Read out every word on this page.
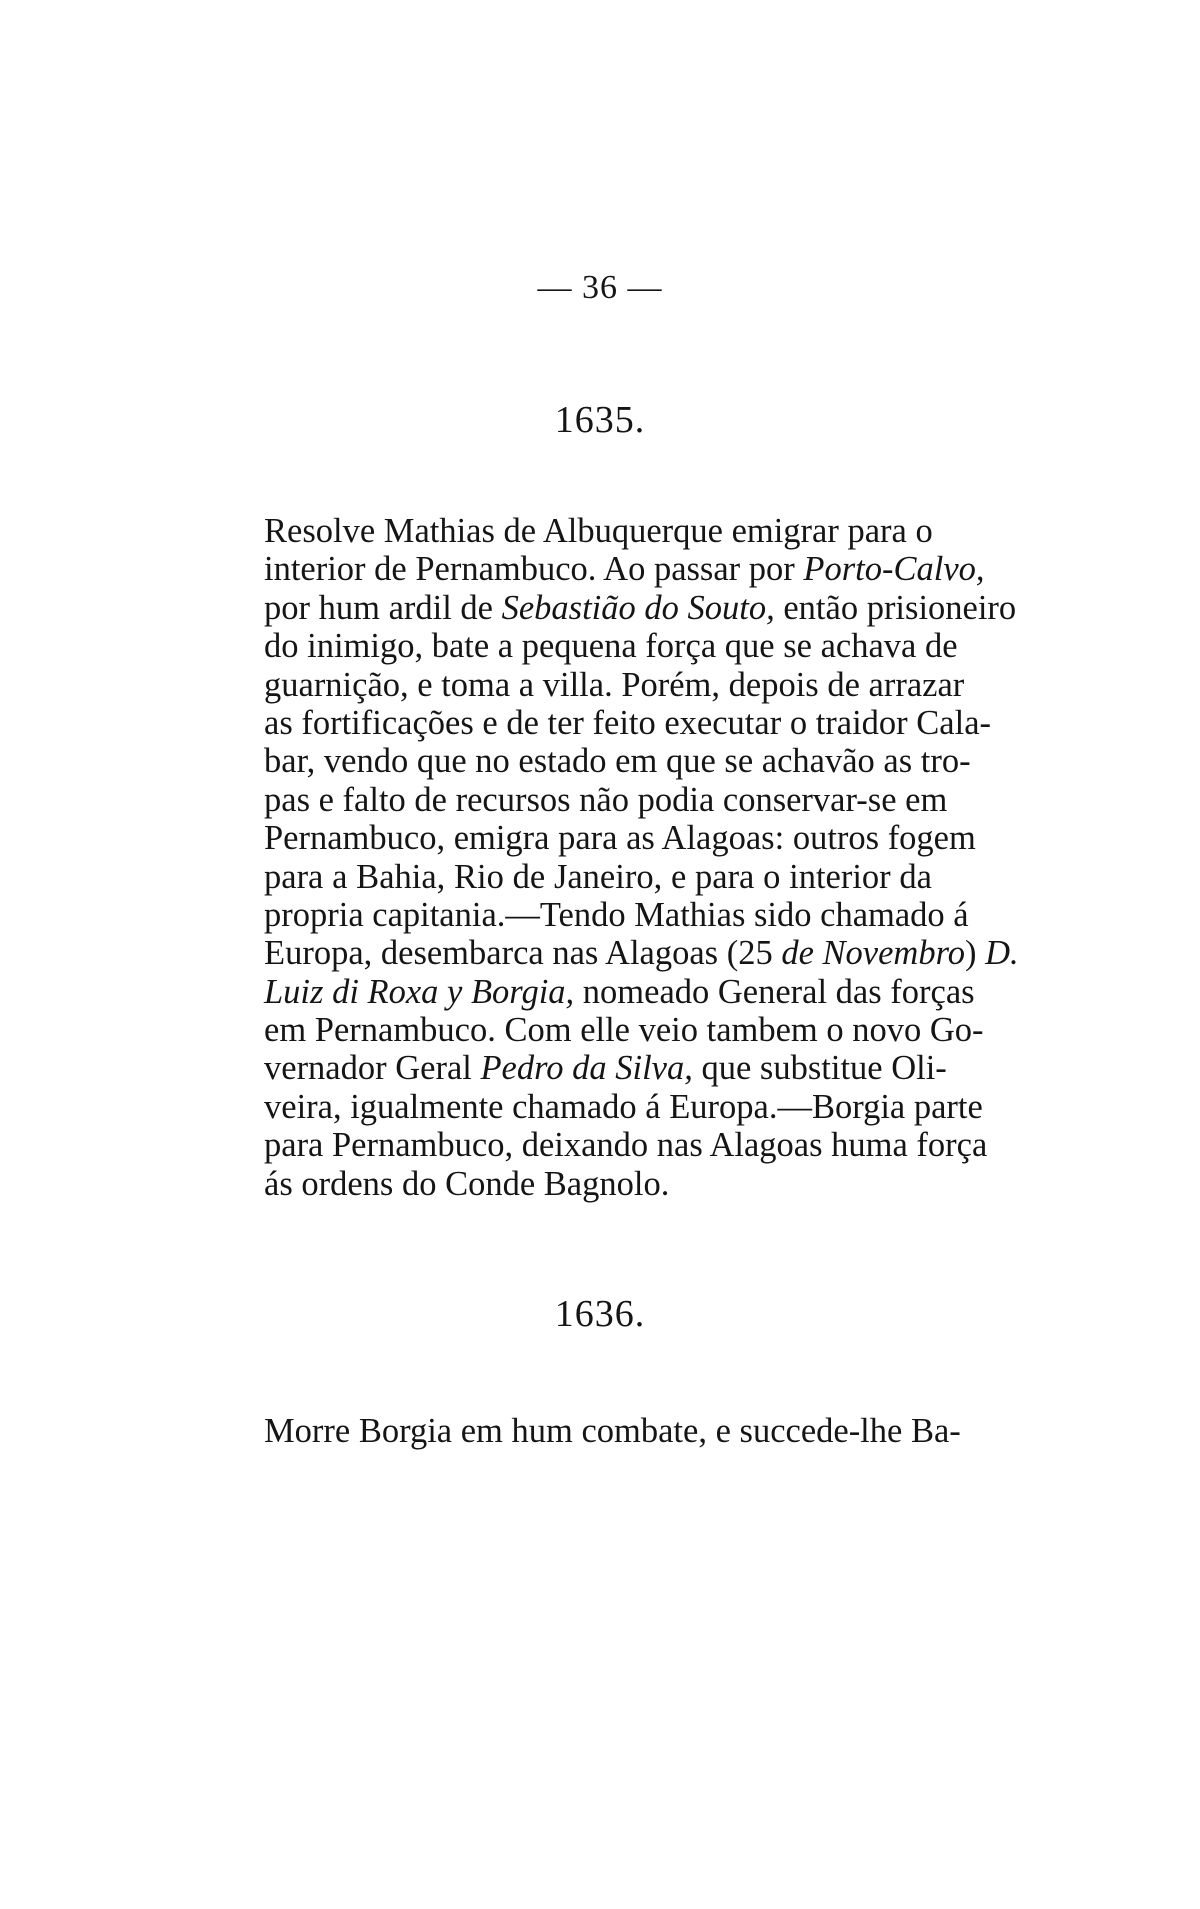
— 36 —
1635.
Resolve Mathias de Albuquerque emigrar para o
interior de Pernambuco. Ao passar por Porto-Calvo,
por hum ardil de Sebastião do Souto, então prisioneiro
do inimigo, bate a pequena força que se achava de
guarnição, e toma a villa. Porém, depois de arrazar
as fortificações e de ter feito executar o traidor Cala-
bar, vendo que no estado em que se achavão as tro-
pas e falto de recursos não podia conservar-se em
Pernambuco, emigra para as Alagoas: outros fogem
para a Bahia, Rio de Janeiro, e para o interior da
propria capitania.—Tendo Mathias sido chamado á
Europa, desembarca nas Alagoas (25 de Novembro) D.
Luiz di Roxa y Borgia, nomeado General das forças
em Pernambuco. Com elle veio tambem o novo Go-
vernador Geral Pedro da Silva, que substitue Oli-
veira, igualmente chamado á Europa.—Borgia parte
para Pernambuco, deixando nas Alagoas huma força
ás ordens do Conde Bagnolo.
1636.
Morre Borgia em hum combate, e succede-lhe Ba-
